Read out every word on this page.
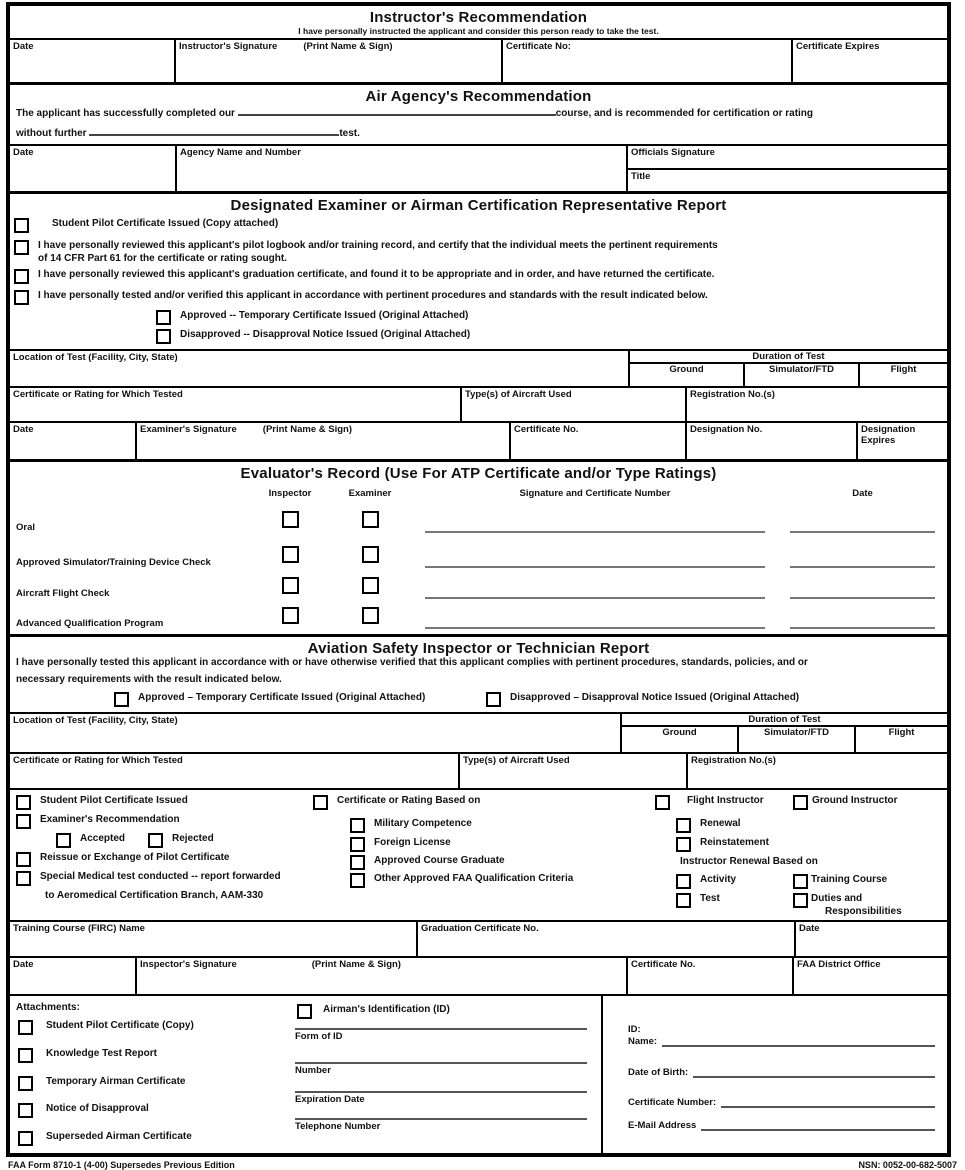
Instructor's Recommendation
I have personally instructed the applicant and consider this person ready to take the test.
Date	Instructor's Signature	(Print Name & Sign)	Certificate No:	Certificate Expires
Air Agency's Recommendation
The applicant has successfully completed our	course, and is recommended for certification or rating
without further	test.
Date	Agency Name and Number	Officials Signature
Title
Designated Examiner or Airman Certification Representative Report
Student Pilot Certificate Issued (Copy attached)
I have personally reviewed this applicant's pilot logbook and/or training record, and certify that the individual meets the pertinent requirements
of 14 CFR Part 61 for the certificate or rating sought.
I have personally reviewed this applicant's graduation certificate, and found it to be appropriate and in order, and have returned the certificate.
I have personally tested and/or verified this applicant in accordance with pertinent procedures and standards with the result indicated below.
Approved -- Temporary Certificate Issued (Original Attached)
Disapproved -- Disapproval Notice Issued (Original Attached)
Location of Test (Facility, City, State)	Duration of Test
Ground	Simulator/FTD	Flight
Certificate or Rating for Which Tested	Type(s) of Aircraft Used	Registration No.(s)
Date	Examiner's Signature	(Print Name & Sign)	Certificate No.	Designation No.	Designation Expires
Evaluator's Record (Use For ATP Certificate and/or Type Ratings)
Inspector	Examiner	Signature and Certificate Number	Date
Oral
Approved Simulator/Training Device Check
Aircraft Flight Check
Advanced Qualification Program
Aviation Safety Inspector or Technician Report
I have personally tested this applicant in accordance with or have otherwise verified that this applicant complies with pertinent procedures, standards, policies, and or
necessary requirements with the result indicated below.
Approved – Temporary Certificate Issued (Original Attached)	Disapproved – Disapproval Notice Issued (Original Attached)
Location of Test (Facility, City, State)	Duration of Test
Ground	Simulator/FTD	Flight
Certificate or Rating for Which Tested	Type(s) of Aircraft Used	Registration No.(s)
Student Pilot Certificate Issued
Examiner's Recommendation
Accepted	Rejected
Reissue or Exchange of Pilot Certificate
Special Medical test conducted -- report forwarded
to Aeromedical Certification Branch, AAM-330
Certificate or Rating Based on
Military Competence
Foreign License
Approved Course Graduate
Other Approved FAA Qualification Criteria
Flight Instructor	Ground Instructor
Renewal
Reinstatement
Instructor Renewal Based on
Activity	Training Course
Test	Duties and
Responsibilities
Training Course (FIRC) Name	Graduation Certificate No.	Date
Date	Inspector's Signature	(Print Name & Sign)	Certificate No.	FAA District Office
Attachments:
Student Pilot Certificate (Copy)
Knowledge Test Report
Temporary Airman Certificate
Notice of Disapproval
Superseded Airman Certificate
Airman's Identification (ID)
Form of ID
Number
Expiration Date
Telephone Number
ID:
Name:
Date of Birth:
Certificate Number:
E-Mail Address
FAA Form 8710-1 (4-00) Supersedes Previous Edition	NSN: 0052-00-682-5007
